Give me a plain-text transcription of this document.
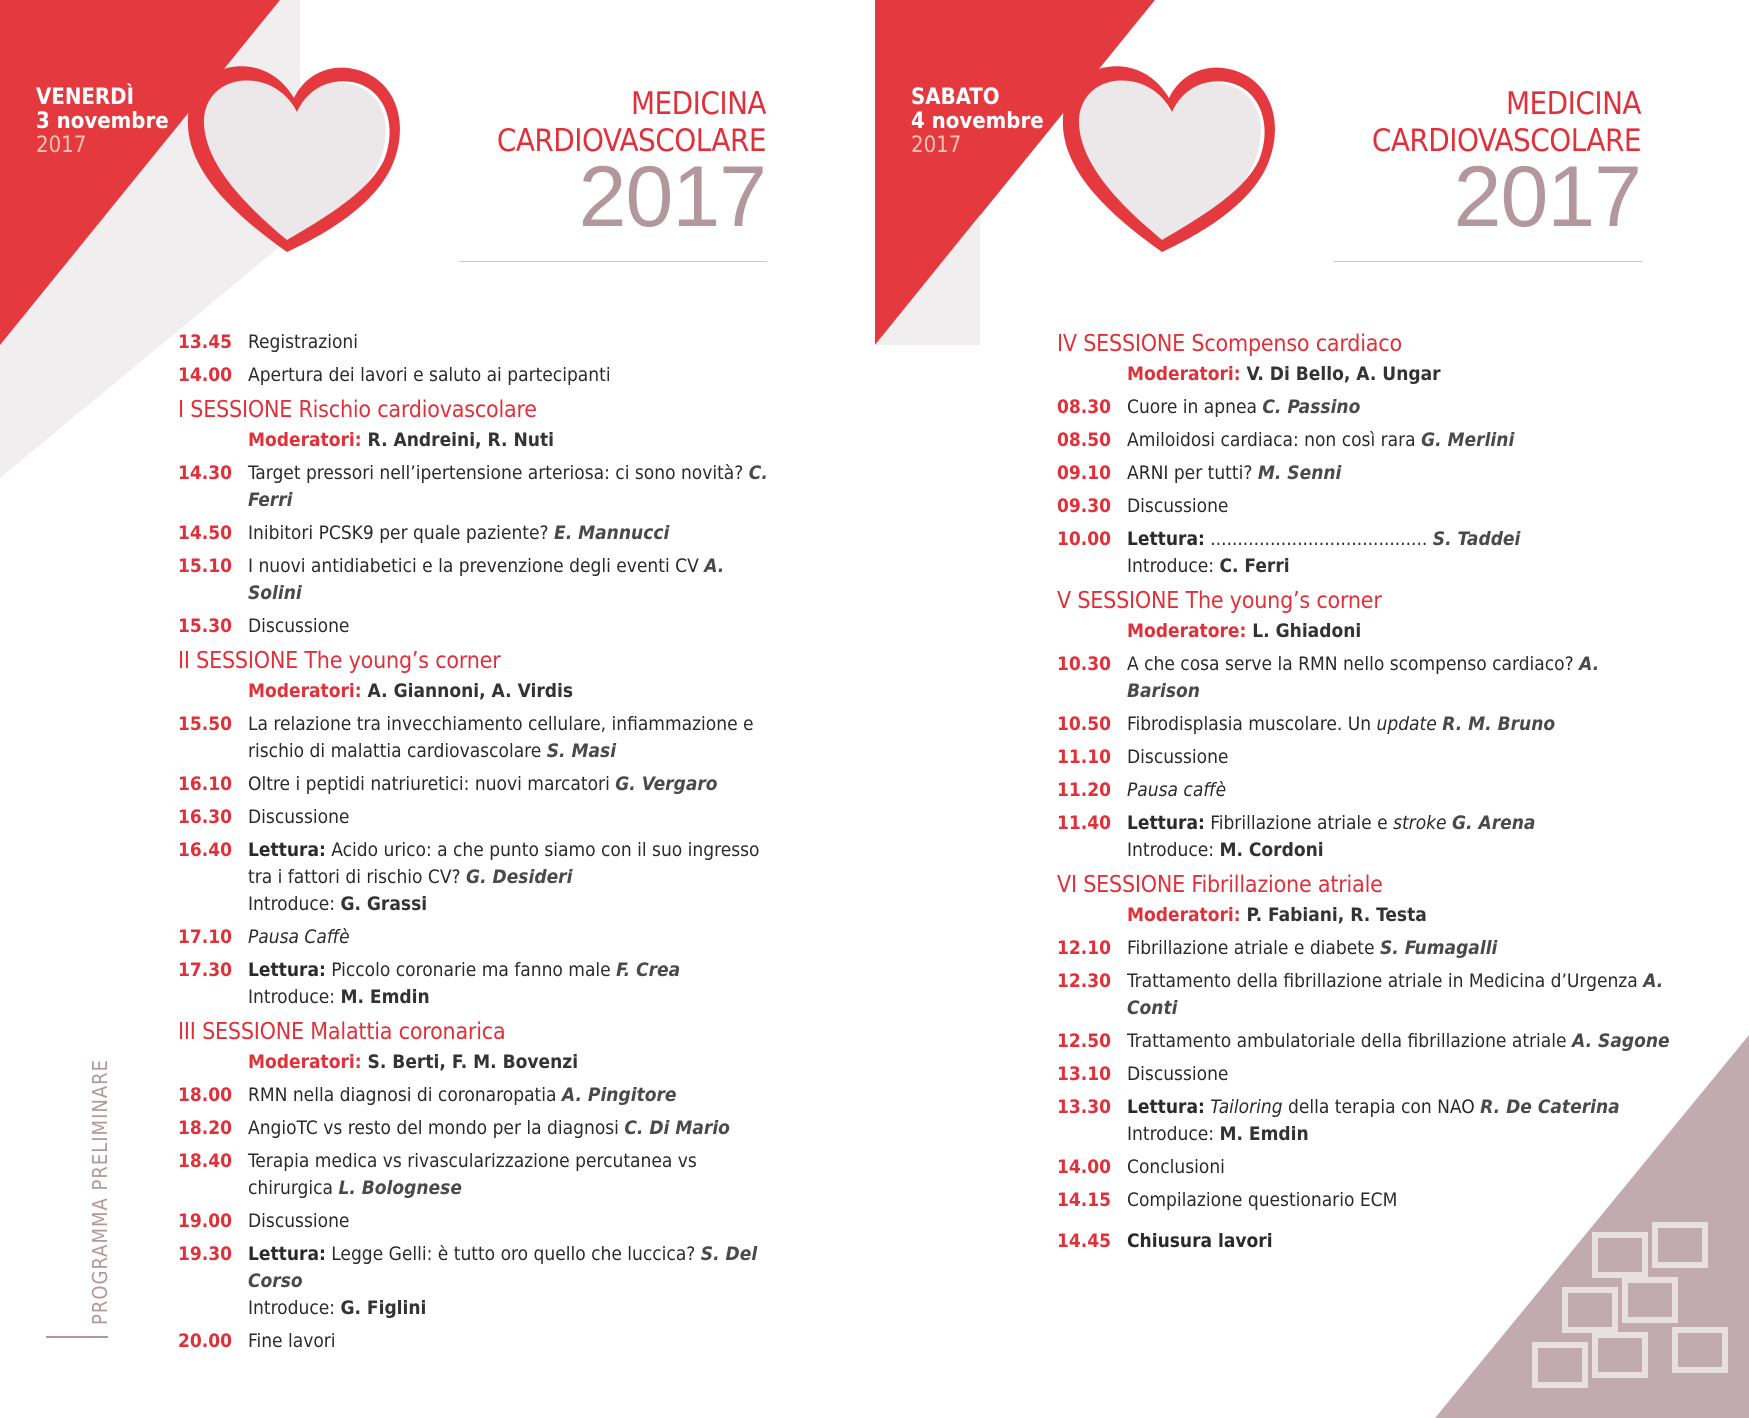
VENERDÌ
3 novembre
2017
MEDICINA
CARDIOVASCOLARE
2017
13.45 Registrazioni
14.00 Apertura dei lavori e saluto ai partecipanti
I SESSIONE Rischio cardiovascolare
Moderatori: R. Andreini, R. Nuti
14.30 Target pressori nell’ipertensione arteriosa: ci sono novità? C. Ferri
14.50 Inibitori PCSK9 per quale paziente? E. Mannucci
15.10 I nuovi antidiabetici e la prevenzione degli eventi CV A. Solini
15.30 Discussione
II SESSIONE The young’s corner
Moderatori: A. Giannoni, A. Virdis
15.50 La relazione tra invecchiamento cellulare, infiammazione e rischio di malattia cardiovascolare S. Masi
16.10 Oltre i peptidi natriuretici: nuovi marcatori G. Vergaro
16.30 Discussione
16.40 Lettura: Acido urico: a che punto siamo con il suo ingresso tra i fattori di rischio CV? G. Desideri
Introduce: G. Grassi
17.10 Pausa Caffè
17.30 Lettura: Piccolo coronarie ma fanno male F. Crea
Introduce: M. Emdin
III SESSIONE Malattia coronarica
Moderatori: S. Berti, F. M. Bovenzi
18.00 RMN nella diagnosi di coronaropatia A. Pingitore
18.20 AngioTC vs resto del mondo per la diagnosi C. Di Mario
18.40 Terapia medica vs rivascularizzazione percutanea vs chirurgica L. Bolognese
19.00 Discussione
19.30 Lettura: Legge Gelli: è tutto oro quello che luccica? S. Del Corso
Introduce: G. Figlini
20.00 Fine lavori
PROGRAMMA PRELIMINARE
SABATO
4 novembre
2017
MEDICINA
CARDIOVASCOLARE
2017
IV SESSIONE Scompenso cardiaco
Moderatori: V. Di Bello, A. Ungar
08.30 Cuore in apnea C. Passino
08.50 Amiloidosi cardiaca: non così rara G. Merlini
09.10 ARNI per tutti? M. Senni
09.30 Discussione
10.00 Lettura: ........................................ S. Taddei
Introduce: C. Ferri
V SESSIONE The young’s corner
Moderatore: L. Ghiadoni
10.30 A che cosa serve la RMN nello scompenso cardiaco? A. Barison
10.50 Fibrodisplasia muscolare. Un update R. M. Bruno
11.10 Discussione
11.20 Pausa caffè
11.40 Lettura: Fibrillazione atriale e stroke G. Arena
Introduce: M. Cordoni
VI SESSIONE Fibrillazione atriale
Moderatori: P. Fabiani, R. Testa
12.10 Fibrillazione atriale e diabete S. Fumagalli
12.30 Trattamento della fibrillazione atriale in Medicina d’Urgenza A. Conti
12.50 Trattamento ambulatoriale della fibrillazione atriale A. Sagone
13.10 Discussione
13.30 Lettura: Tailoring della terapia con NAO R. De Caterina
Introduce: M. Emdin
14.00 Conclusioni
14.15 Compilazione questionario ECM
14.45 Chiusura lavori
